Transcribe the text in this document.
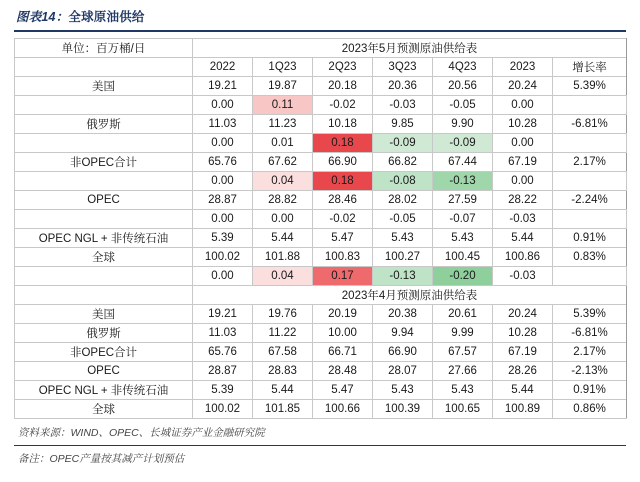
图表14：全球原油供给
单位：百万桶/日	2023年5月预测原油供给表							
	2022	1Q23	2Q23	3Q23	4Q23	2023	增长率	
美国	19.21	19.87	20.18	20.36	20.56	20.24	5.39%	
	0.00	0.11	-0.02	-0.03	-0.05	0.00		
俄罗斯	11.03	11.23	10.18	9.85	9.90	10.28	-6.81%	
	0.00	0.01	0.18	-0.09	-0.09	0.00		
非OPEC合计	65.76	67.62	66.90	66.82	67.44	67.19	2.17%	
	0.00	0.04	0.18	-0.08	-0.13	0.00		
OPEC	28.87	28.82	28.46	28.02	27.59	28.22	-2.24%	
	0.00	0.00	-0.02	-0.05	-0.07	-0.03		
OPEC NGL + 非传统石油	5.39	5.44	5.47	5.43	5.43	5.44	0.91%	
全球	100.02	101.88	100.83	100.27	100.45	100.86	0.83%	
	0.00	0.04	0.17	-0.13	-0.20	-0.03		
	2023年4月预测原油供给表							
美国	19.21	19.76	20.19	20.38	20.61	20.24	5.39%	
俄罗斯	11.03	11.22	10.00	9.94	9.99	10.28	-6.81%	
非OPEC合计	65.76	67.58	66.71	66.90	67.57	67.19	2.17%	
OPEC	28.87	28.83	28.48	28.07	27.66	28.26	-2.13%	
OPEC NGL + 非传统石油	5.39	5.44	5.47	5.43	5.43	5.44	0.91%	
全球	100.02	101.85	100.66	100.39	100.65	100.89	0.86%	
资料来源：WIND、OPEC、长城证券产业金融研究院
备注：OPEC产量按其减产计划预估
